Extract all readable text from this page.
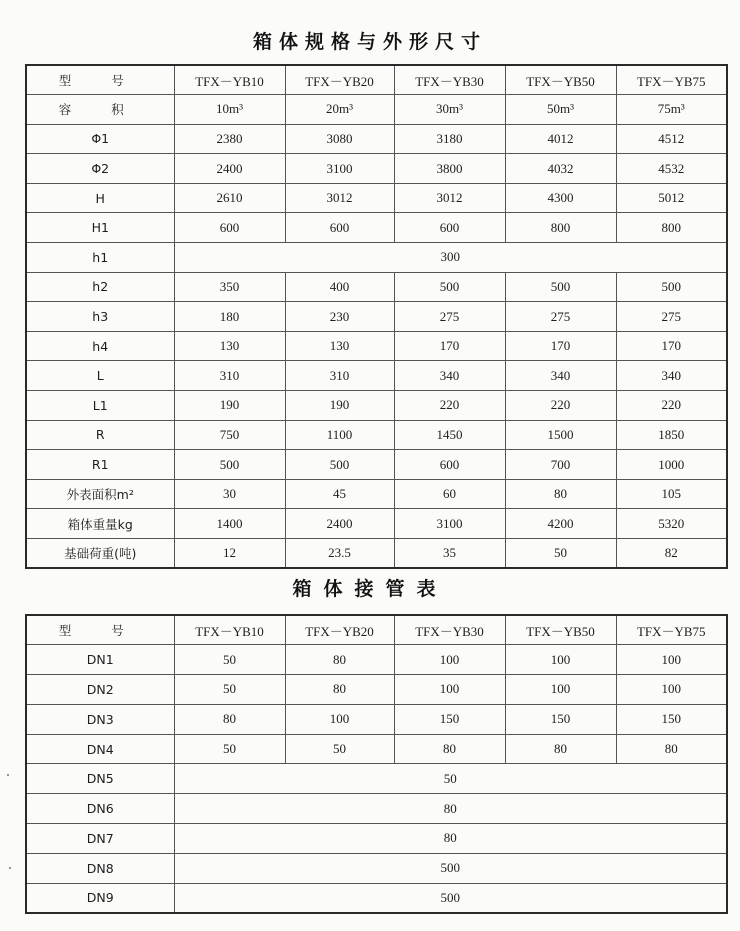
箱体规格与外形尺寸
型 号	TFX－YB10	TFX－YB20	TFX－YB30	TFX－YB50	TFX－YB75
容 积	10m³	20m³	30m³	50m³	75m³
Φ1	2380	3080	3180	4012	4512
Φ2	2400	3100	3800	4032	4532
H	2610	3012	3012	4300	5012
H1	600	600	600	800	800
h1	300				
h2	350	400	500	500	500
h3	180	230	275	275	275
h4	130	130	170	170	170
L	310	310	340	340	340
L1	190	190	220	220	220
R	750	1100	1450	1500	1850
R1	500	500	600	700	1000
外表面积m²	30	45	60	80	105
箱体重量kg	1400	2400	3100	4200	5320
基础荷重(吨)	12	23.5	35	50	82
箱体接管表
型 号	TFX－YB10	TFX－YB20	TFX－YB30	TFX－YB50	TFX－YB75
DN1	50	80	100	100	100
DN2	50	80	100	100	100
DN3	80	100	150	150	150
DN4	50	50	80	80	80
DN5	50				
DN6	80				
DN7	80				
DN8	500				
DN9	500				
